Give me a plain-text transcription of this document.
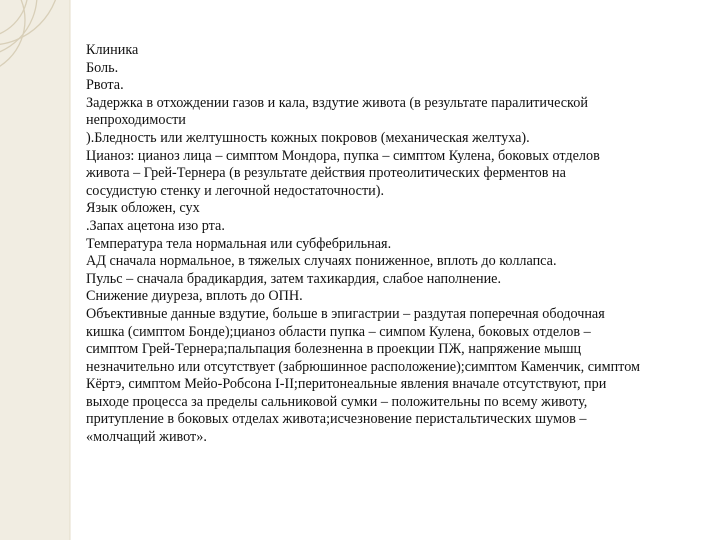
Клиника
Боль.
Рвота.
Задержка в отхождении газов и кала, вздутие живота (в результате паралитической
непроходимости
).Бледность или желтушность кожных покровов (механическая желтуха).
Цианоз: цианоз лица – симптом Мондора, пупка – симптом Кулена, боковых отделов
живота – Грей-Тернера (в результате действия протеолитических ферментов на
сосудистую стенку и легочной недостаточности).
Язык обложен, сух
.Запах ацетона изо рта.
Температура тела нормальная или субфебрильная.
АД сначала нормальное, в тяжелых случаях пониженное, вплоть до коллапса.
Пульс – сначала брадикардия, затем тахикардия, слабое наполнение.
Снижение диуреза, вплоть до ОПН.
Объективные данные вздутие, больше в эпигастрии – раздутая поперечная ободочная
кишка (симптом Бонде);цианоз области пупка – симпом Кулена, боковых отделов –
симптом Грей-Тернера;пальпация болезненна в проекции ПЖ, напряжение мышц
незначительно или отсутствует (забрюшинное расположение);симптом Каменчик, симптом
Кёртэ, симптом Мейо-Робсона I-II;перитонеальные явления вначале отсутствуют, при
выходе процесса за пределы сальниковой сумки – положительны по всему животу,
притупление в боковых отделах живота;исчезновение перистальтических шумов –
«молчащий живот».
